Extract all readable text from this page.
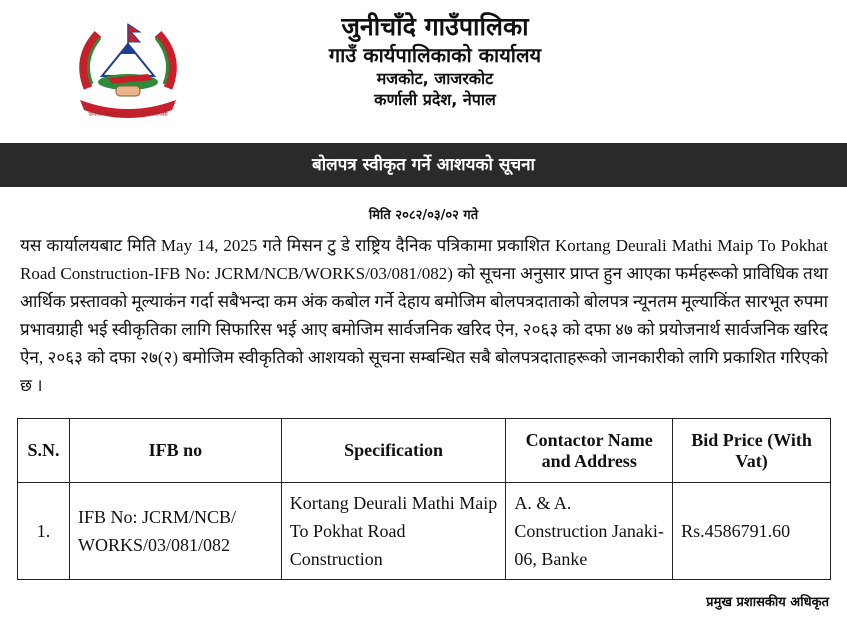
जननी जन्मभूमिश्च स्वर्गादपि गरीयसी
जुनीचाँदे गाउँपालिका
गाउँ कार्यपालिकाको कार्यालय
मजकोट, जाजरकोट
कर्णाली प्रदेश, नेपाल
बोलपत्र स्वीकृत गर्ने आशयको सूचना
मिति २०८२/०३/०२ गते
यस कार्यालयबाट मिति May 14, 2025 गते मिसन टु डे राष्ट्रिय दैनिक पत्रिकामा प्रकाशित Kortang Deurali Mathi Maip To Pokhat Road Construction-IFB No: JCRM/NCB/WORKS/03/081/082) को सूचना अनुसार प्राप्त हुन आएका फर्महरूको प्राविधिक तथा आर्थिक प्रस्तावको मूल्याकंन गर्दा सबैभन्दा कम अंक कबोल गर्ने देहाय बमोजिम बोलपत्रदाताको बोलपत्र न्यूनतम मूल्याकिंत सारभूत रुपमा प्रभावग्राही भई स्वीकृतिका लागि सिफारिस भई आए बमोजिम सार्वजनिक खरिद ऐन, २०६३ को दफा ४७ को प्रयोजनार्थ सार्वजनिक खरिद ऐन, २०६३ को दफा २७(२) बमोजिम स्वीकृतिको आशयको सूचना सम्बन्धित सबै बोलपत्रदाताहरूको जानकारीको लागि प्रकाशित गरिएको छ ।
S.N.	IFB no	Specification	Contactor Name and Address	Bid Price (With Vat)
1.	IFB No: JCRM/NCB/ WORKS/03/081/082	Kortang Deurali Mathi Maip To Pokhat Road Construction	A. & A. Construction Janaki-06, Banke	Rs.4586791.60
प्रमुख प्रशासकीय अधिकृत
